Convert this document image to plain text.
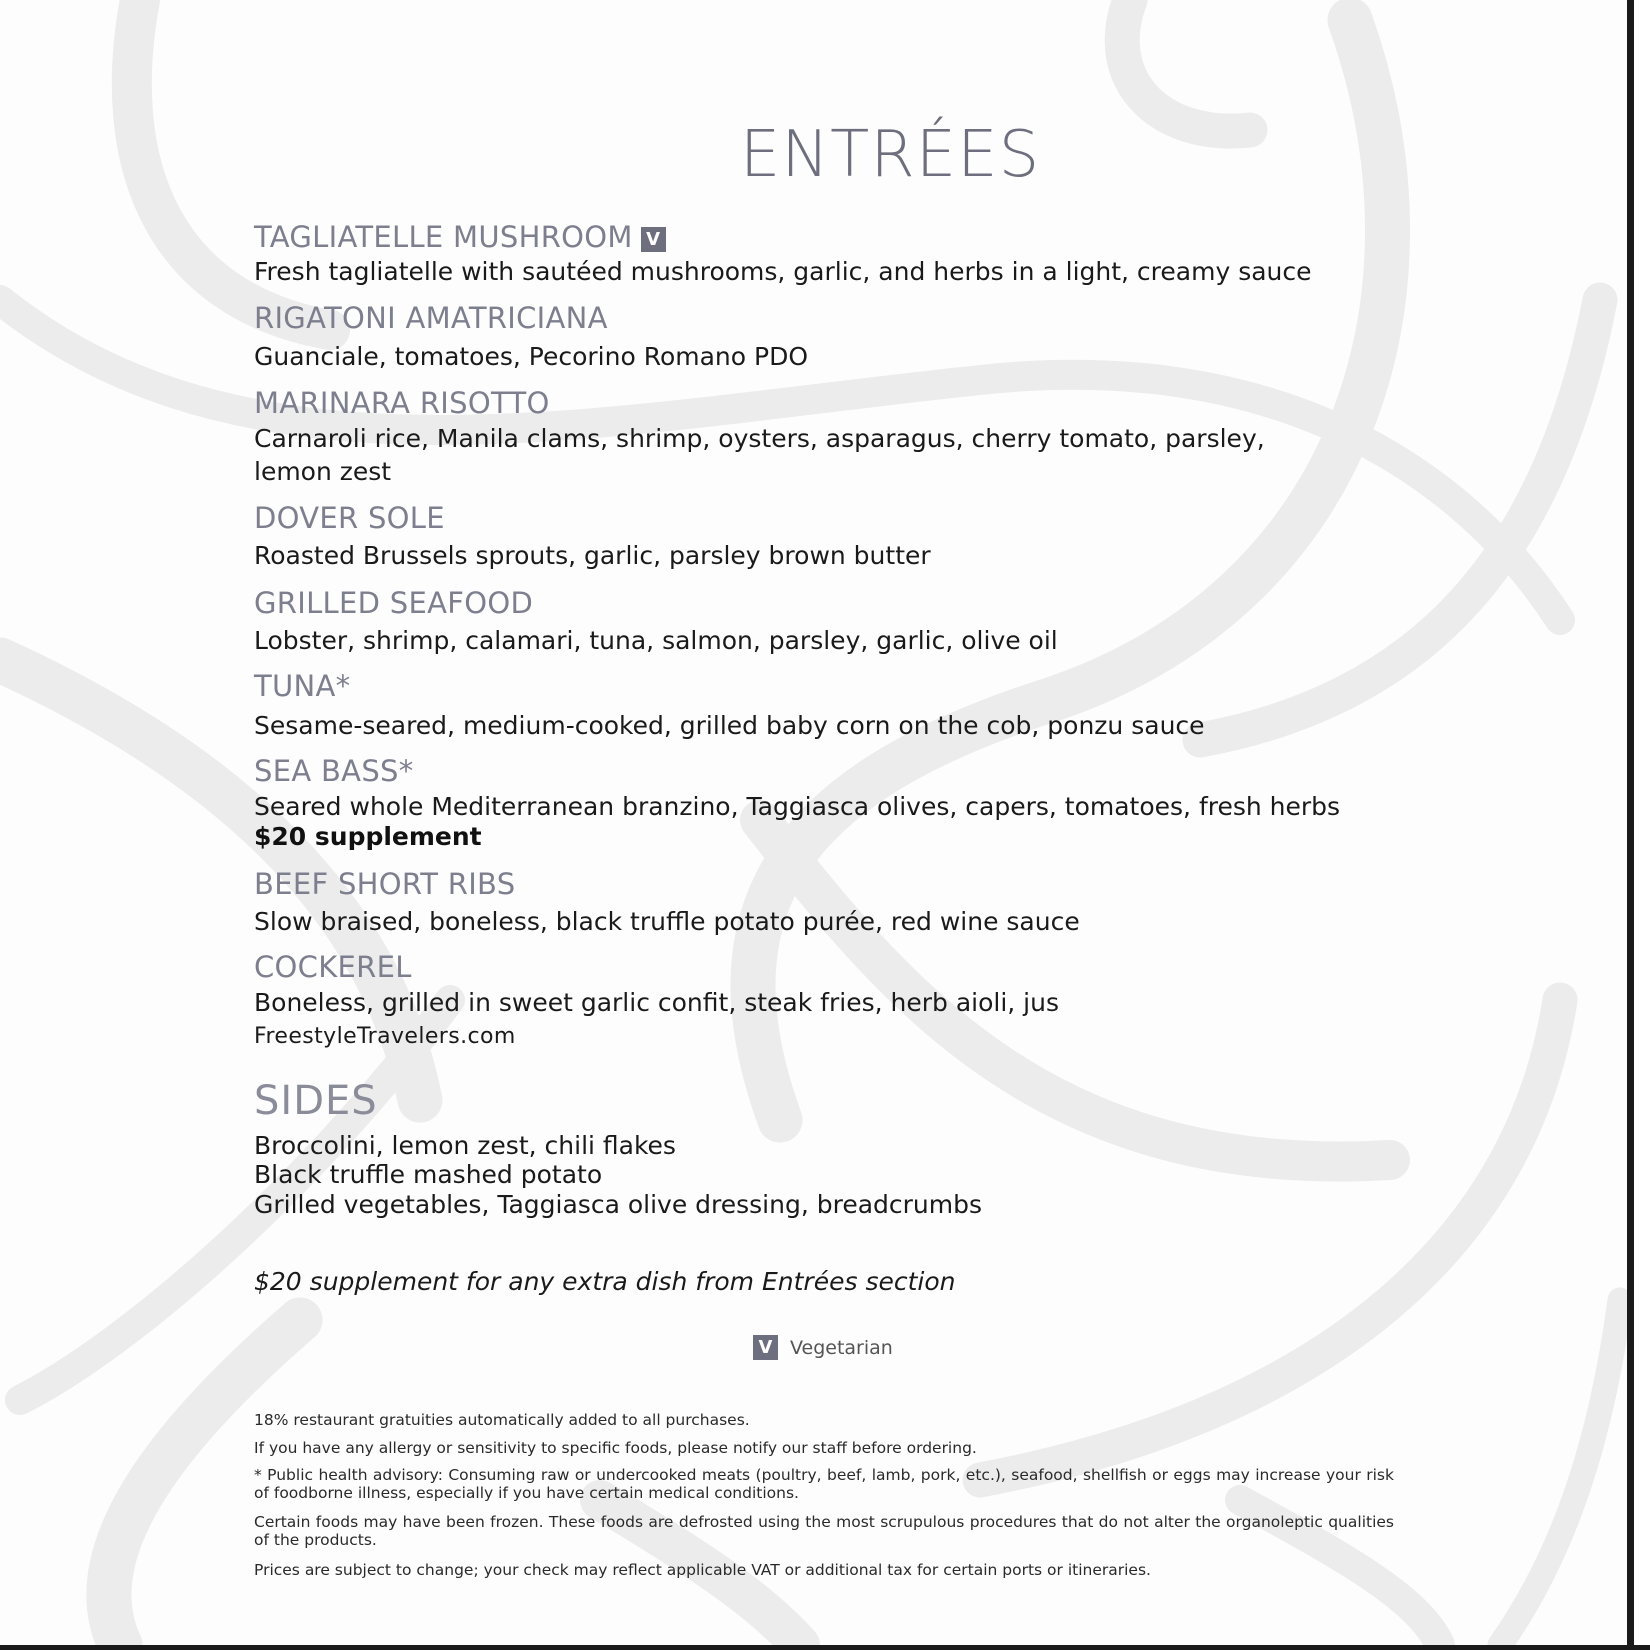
ENTRÉES
TAGLIATELLE MUSHROOM V
Fresh tagliatelle with sautéed mushrooms, garlic, and herbs in a light, creamy sauce
RIGATONI AMATRICIANA
Guanciale, tomatoes, Pecorino Romano PDO
MARINARA RISOTTO
Carnaroli rice, Manila clams, shrimp, oysters, asparagus, cherry tomato, parsley,
lemon zest
DOVER SOLE
Roasted Brussels sprouts, garlic, parsley brown butter
GRILLED SEAFOOD
Lobster, shrimp, calamari, tuna, salmon, parsley, garlic, olive oil
TUNA*
Sesame-seared, medium-cooked, grilled baby corn on the cob, ponzu sauce
SEA BASS*
Seared whole Mediterranean branzino, Taggiasca olives, capers, tomatoes, fresh herbs
$20 supplement
BEEF SHORT RIBS
Slow braised, boneless, black truffle potato purée, red wine sauce
COCKEREL
Boneless, grilled in sweet garlic confit, steak fries, herb aioli, jus
FreestyleTravelers.com
SIDES
Broccolini, lemon zest, chili flakes
Black truffle mashed potato
Grilled vegetables, Taggiasca olive dressing, breadcrumbs
$20 supplement for any extra dish from Entrées section
V Vegetarian
18% restaurant gratuities automatically added to all purchases.
If you have any allergy or sensitivity to specific foods, please notify our staff before ordering.
* Public health advisory: Consuming raw or undercooked meats (poultry, beef, lamb, pork, etc.), seafood, shellfish or eggs may increase your risk of foodborne illness, especially if you have certain medical conditions.
Certain foods may have been frozen. These foods are defrosted using the most scrupulous procedures that do not alter the organoleptic qualities of the products.
Prices are subject to change; your check may reflect applicable VAT or additional tax for certain ports or itineraries.
